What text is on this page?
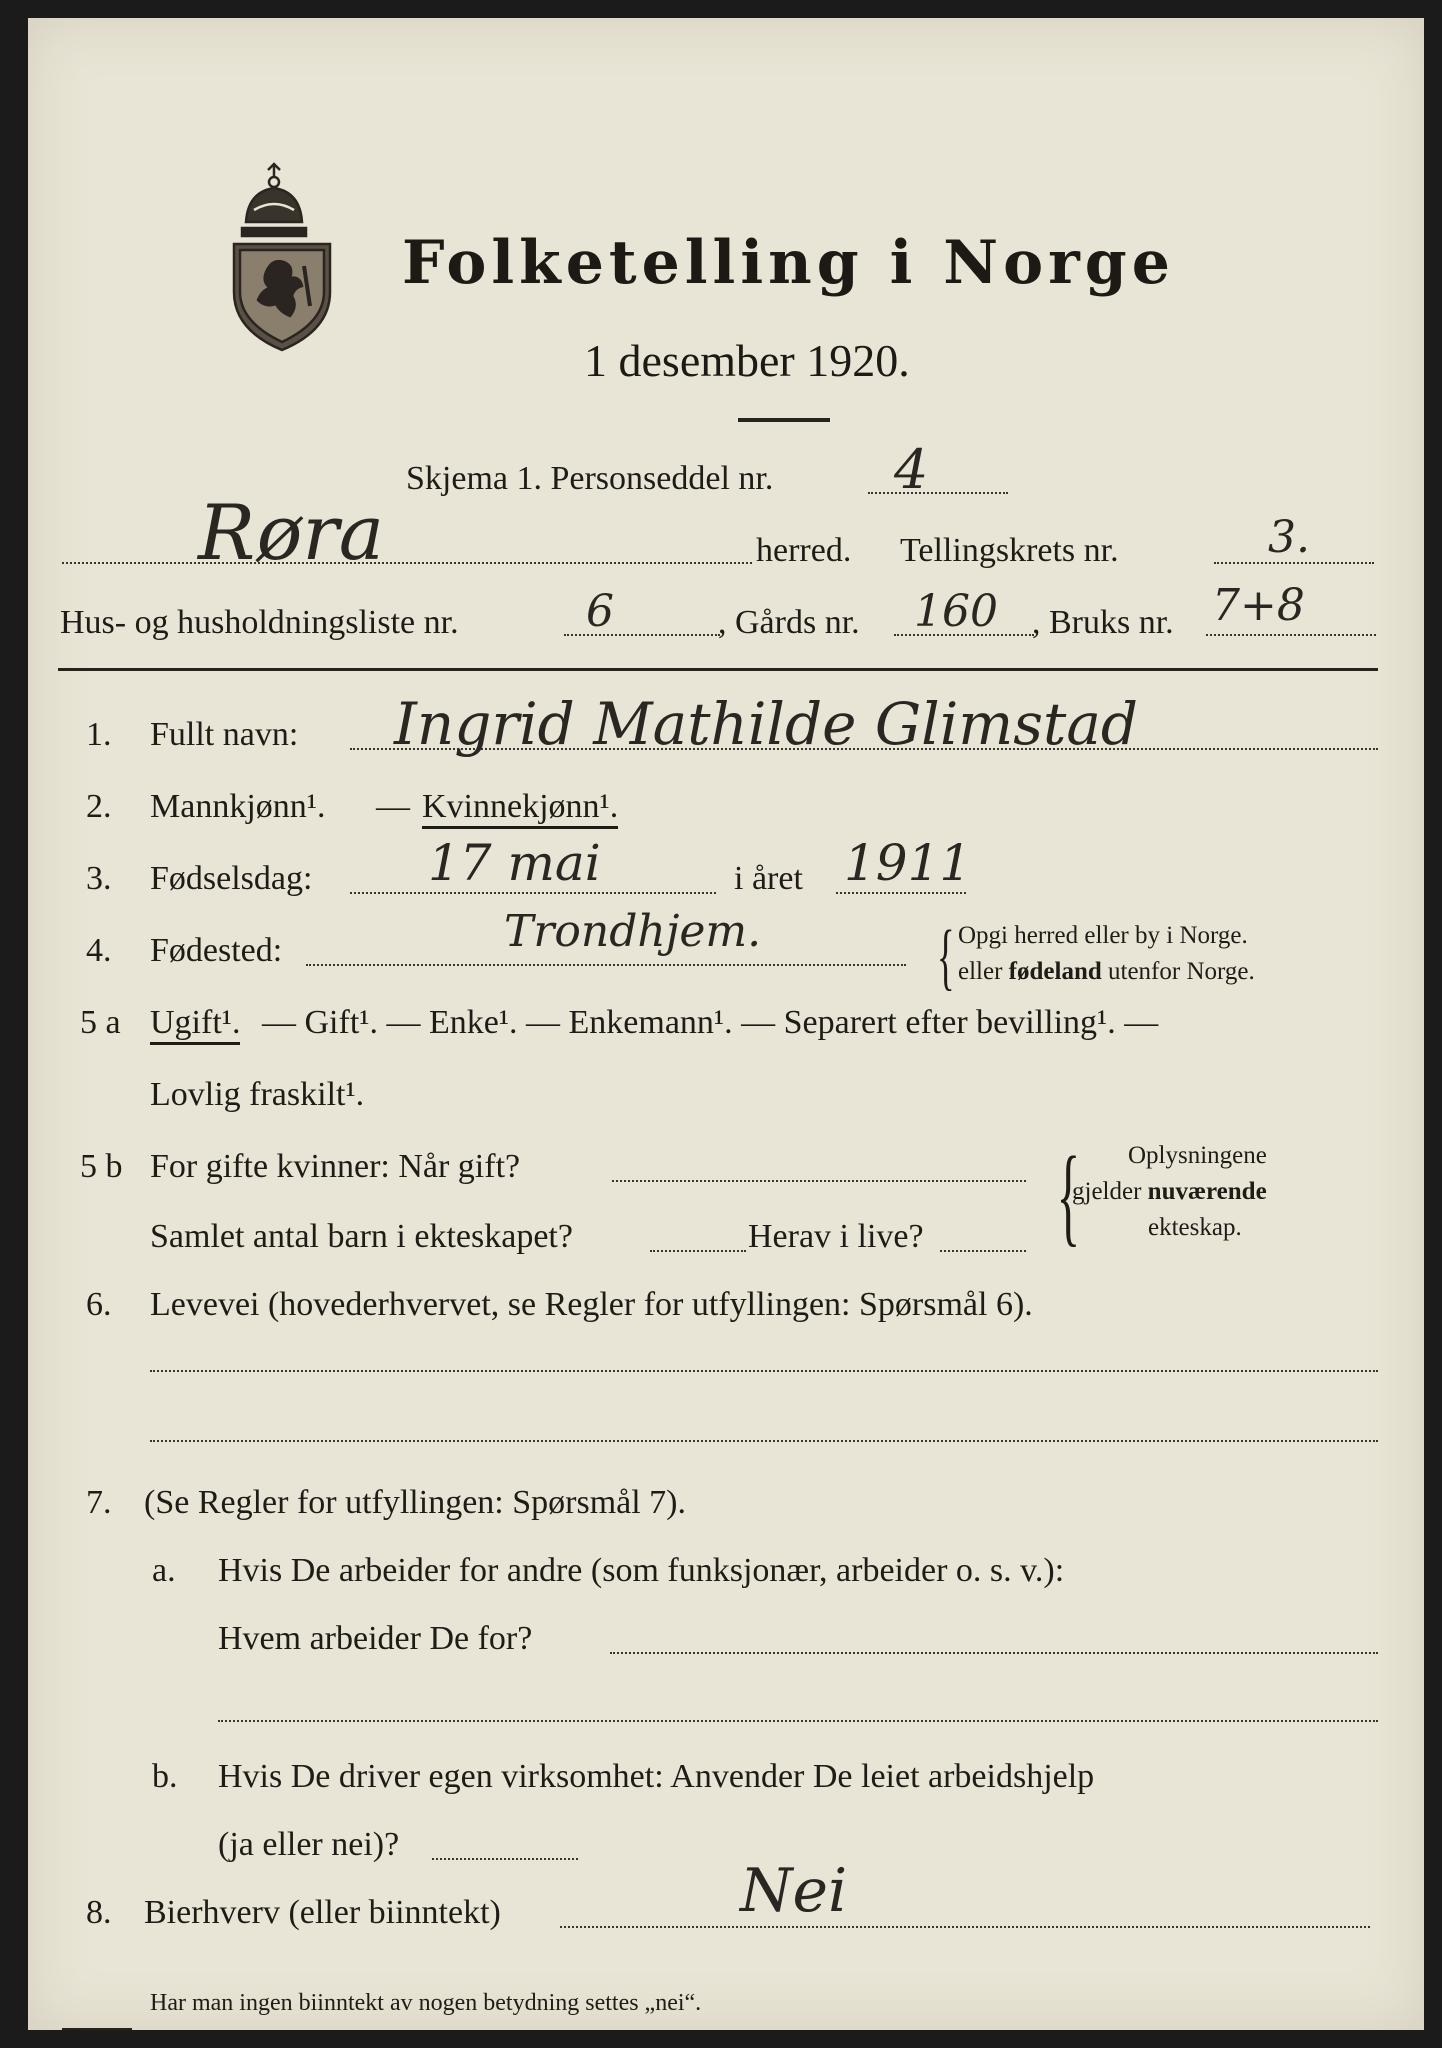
Folketelling i Norge
1 desember 1920.
Skjema 1. Personseddel nr. 4
Røra	herred. Tellingskrets nr.	3.
Hus- og husholdningsliste nr.	6	, Gårds nr. 160 , Bruks nr. 7+8
1. Fullt navn: Ingrid Mathilde Glimstad
2. Mannkjønn¹. — Kvinnekjønn¹.
3. Fødselsdag: 17 mai	i året 1911
4. Fødested:	Trondhjem. { Opgi herred eller by i Norge.
eller fødeland utenfor Norge.
5 a Ugift¹. — Gift¹. — Enke¹. — Enkemann¹. — Separert efter bevilling¹. —
Lovlig fraskilt¹.
5 b For gifte kvinner: Når gift?
Samlet antal barn i ekteskapet?	Herav i live? { Oplysningene
gjelder nuværende
ekteskap.
6. Levevei (hovederhvervet, se Regler for utfyllingen: Spørsmål 6).
7. (Se Regler for utfyllingen: Spørsmål 7).
a. Hvis De arbeider for andre (som funksjonær, arbeider o. s. v.):
Hvem arbeider De for?
b. Hvis De driver egen virksomhet: Anvender De leiet arbeidshjelp
(ja eller nei)?
8. Bierhverv (eller biinntekt)	Nei
Har man ingen biinntekt av nogen betydning settes „nei“.
